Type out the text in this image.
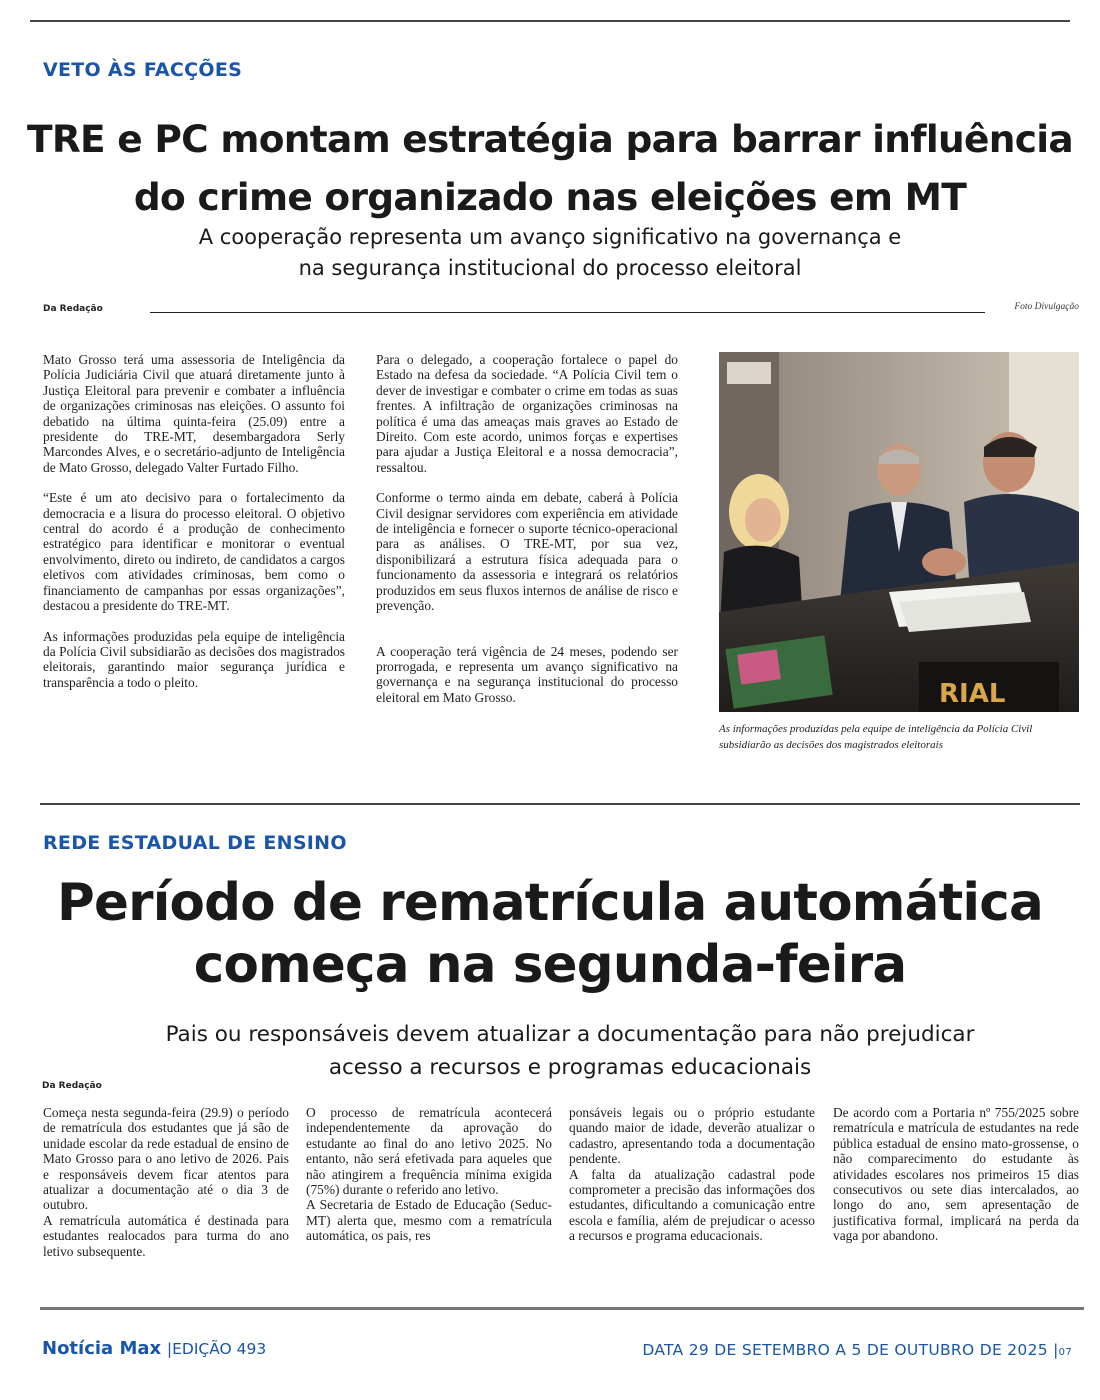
VETO ÀS FACÇÕES
TRE e PC montam estratégia para barrar influência
do crime organizado nas eleições em MT
A cooperação representa um avanço significativo na governança e
na segurança institucional do processo eleitoral
Da Redação	Foto Divulgação

Mato Grosso terá uma assessoria de Inteligência da Polícia Judiciária Civil que atuará diretamente junto à Justiça Eleitoral para prevenir e combater a influência de organizações criminosas nas eleições. O assunto foi debatido na última quinta-feira (25.09) entre a presidente do TRE-MT, desembargadora Serly Marcondes Alves, e o secretário-adjunto de Inteligência de Mato Grosso, delegado Valter Furtado Filho.

“Este é um ato decisivo para o fortalecimento da democracia e a lisura do processo eleitoral. O objetivo central do acordo é a produção de conhecimento estratégico para identificar e monitorar o eventual envolvimento, direto ou indireto, de candidatos a cargos eletivos com atividades criminosas, bem como o financiamento de campanhas por essas organizações”, destacou a presidente do TRE-MT.

As informações produzidas pela equipe de inteligência da Polícia Civil subsidiarão as decisões dos magistrados eleitorais, garantindo maior segurança jurídica e transparência a todo o pleito.

Para o delegado, a cooperação fortalece o papel do Estado na defesa da sociedade. “A Polícia Civil tem o dever de investigar e combater o crime em todas as suas frentes. A infiltração de organizações criminosas na política é uma das ameaças mais graves ao Estado de Direito. Com este acordo, unimos forças e expertises para ajudar a Justiça Eleitoral e a nossa democracia”, ressaltou.

Conforme o termo ainda em debate, caberá à Polícia Civil designar servidores com experiência em atividade de inteligência e fornecer o suporte técnico-operacional para as análises. O TRE-MT, por sua vez, disponibilizará a estrutura física adequada para o funcionamento da assessoria e integrará os relatórios produzidos em seus fluxos internos de análise de risco e prevenção.

A cooperação terá vigência de 24 meses, podendo ser prorrogada, e representa um avanço significativo na governança e na segurança institucional do processo eleitoral em Mato Grosso.	RIAL
As informações produzidas pela equipe de inteligência da Polícia Civil subsidiarão as decisões dos magistrados eleitorais
REDE ESTADUAL DE ENSINO
Período de rematrícula automática
começa na segunda-feira
Pais ou responsáveis devem atualizar a documentação para não prejudicar
acesso a recursos e programas educacionais
Da Redação

Começa nesta segunda-feira (29.9) o período de rematrícula dos estudantes que já são de unidade escolar da rede estadual de ensino de Mato Grosso para o ano letivo de 2026. Pais e responsáveis devem ficar atentos para atualizar a documentação até o dia 3 de outubro.

A rematrícula automática é destinada para estudantes realocados para turma do ano letivo subsequente.

O processo de rematrícula acontecerá independentemente da aprovação do estudante ao final do ano letivo 2025. No entanto, não será efetivada para aqueles que não atingirem a frequência mínima exigida (75%) durante o referido ano letivo.

A Secretaria de Estado de Educação (Seduc-MT) alerta que, mesmo com a rematrícula automática, os pais, res

ponsáveis legais ou o próprio estudante quando maior de idade, deverão atualizar o cadastro, apresentando toda a documentação pendente.

A falta da atualização cadastral pode comprometer a precisão das informações dos estudantes, dificultando a comunicação entre escola e família, além de prejudicar o acesso a recursos e programa educacionais.

De acordo com a Portaria nº 755/2025 sobre rematrícula e matrícula de estudantes na rede pública estadual de ensino mato-grossense, o não comparecimento do estudante às atividades escolares nos primeiros 15 dias consecutivos ou sete dias intercalados, ao longo do ano, sem apresentação de justificativa formal, implicará na perda da vaga por abandono.

Notícia Max |EDIÇÃO 493	DATA 29 DE SETEMBRO A 5 DE OUTUBRO DE 2025 |07
